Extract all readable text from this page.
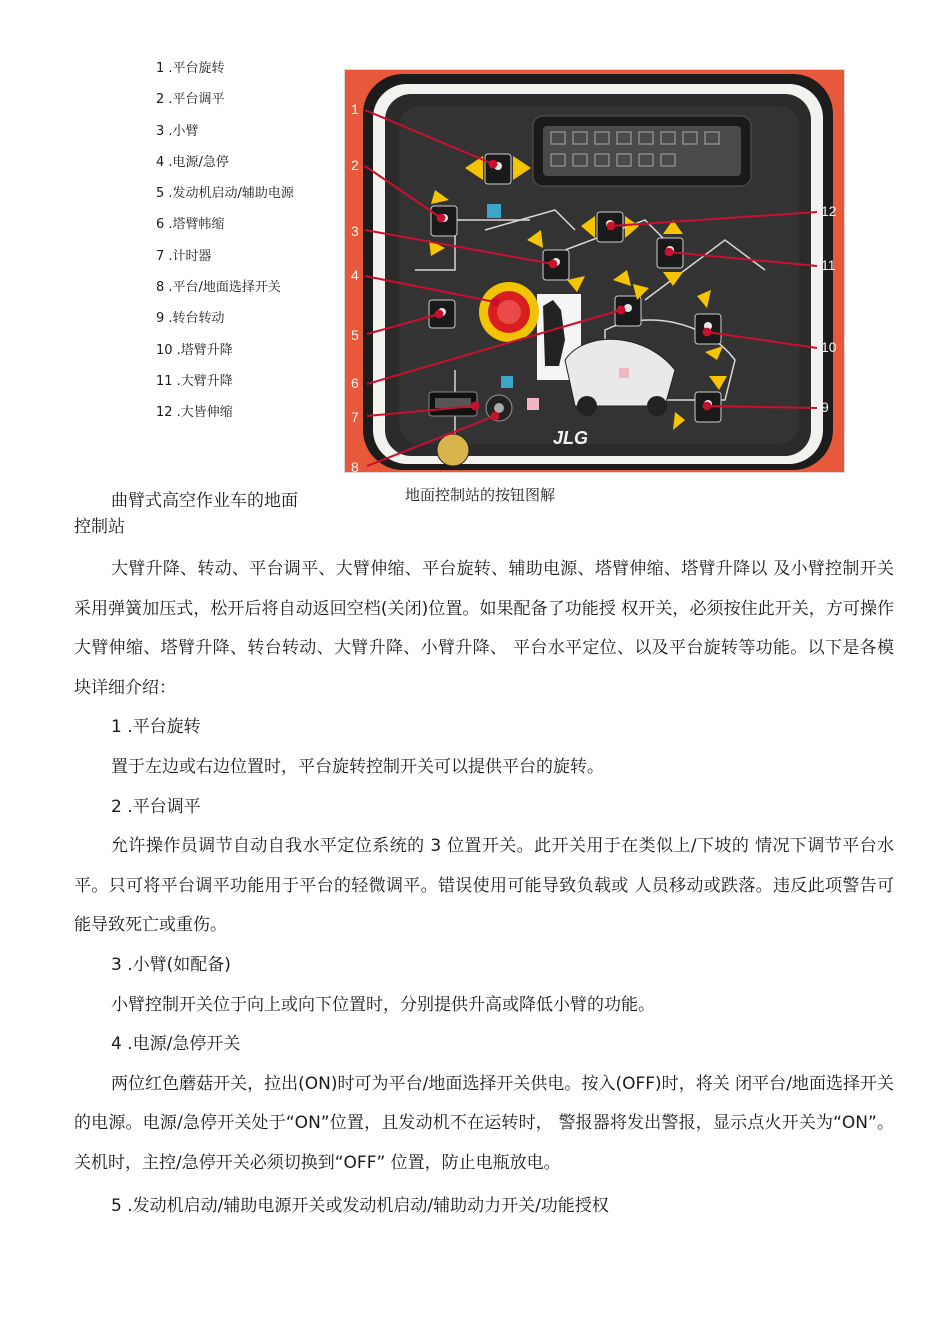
1 .平台旋转
2 .平台调平
3 .小臂
4 .电源/急停
5 .发动机启动/辅助电源
6 .塔臂帏缩
7 .计时器
8 .平台/地面选择开关
9 .转台转动
10 .塔臂升降
11 .大臂升降
12 .大皆伸缩
JLG
1
2
3
4
5
6
7
8
9
10
11
12
曲臂式高空作业车的地面
控制站
地面控制站的按钮图解

大臂升降、转动、平台调平、大臂伸缩、平台旋转、辅助电源、塔臂伸缩、塔臂升降以 及小臂控制开关采用弹簧加压式，松开后将自动返回空档(关闭)位置。如果配备了功能授 权开关，必须按住此开关，方可操作大臂伸缩、塔臂升降、转台转动、大臂升降、小臂升降、 平台水平定位、以及平台旋转等功能。以下是各模块详细介绍：

1 .平台旋转

置于左边或右边位置时，平台旋转控制开关可以提供平台的旋转。

2 .平台调平

允许操作员调节自动自我水平定位系统的 3 位置开关。此开关用于在类似上/下坡的 情况下调节平台水平。只可将平台调平功能用于平台的轻微调平。错误使用可能导致负载或 人员移动或跌落。违反此项警告可能导致死亡或重伤。

3 .小臂(如配备)

小臂控制开关位于向上或向下位置时，分别提供升高或降低小臂的功能。

4 .电源/急停开关

两位红色蘑菇开关，拉出(ON)时可为平台/地面选择开关供电。按入(OFF)时，将关 闭平台/地面选择开关的电源。电源/急停开关处于“ON”位置，且发动机不在运转时， 警报器将发出警报，显示点火开关为“ON”。关机时，主控/急停开关必须切换到“OFF” 位置，防止电瓶放电。

5 .发动机启动/辅助电源开关或发动机启动/辅助动力开关/功能授权
